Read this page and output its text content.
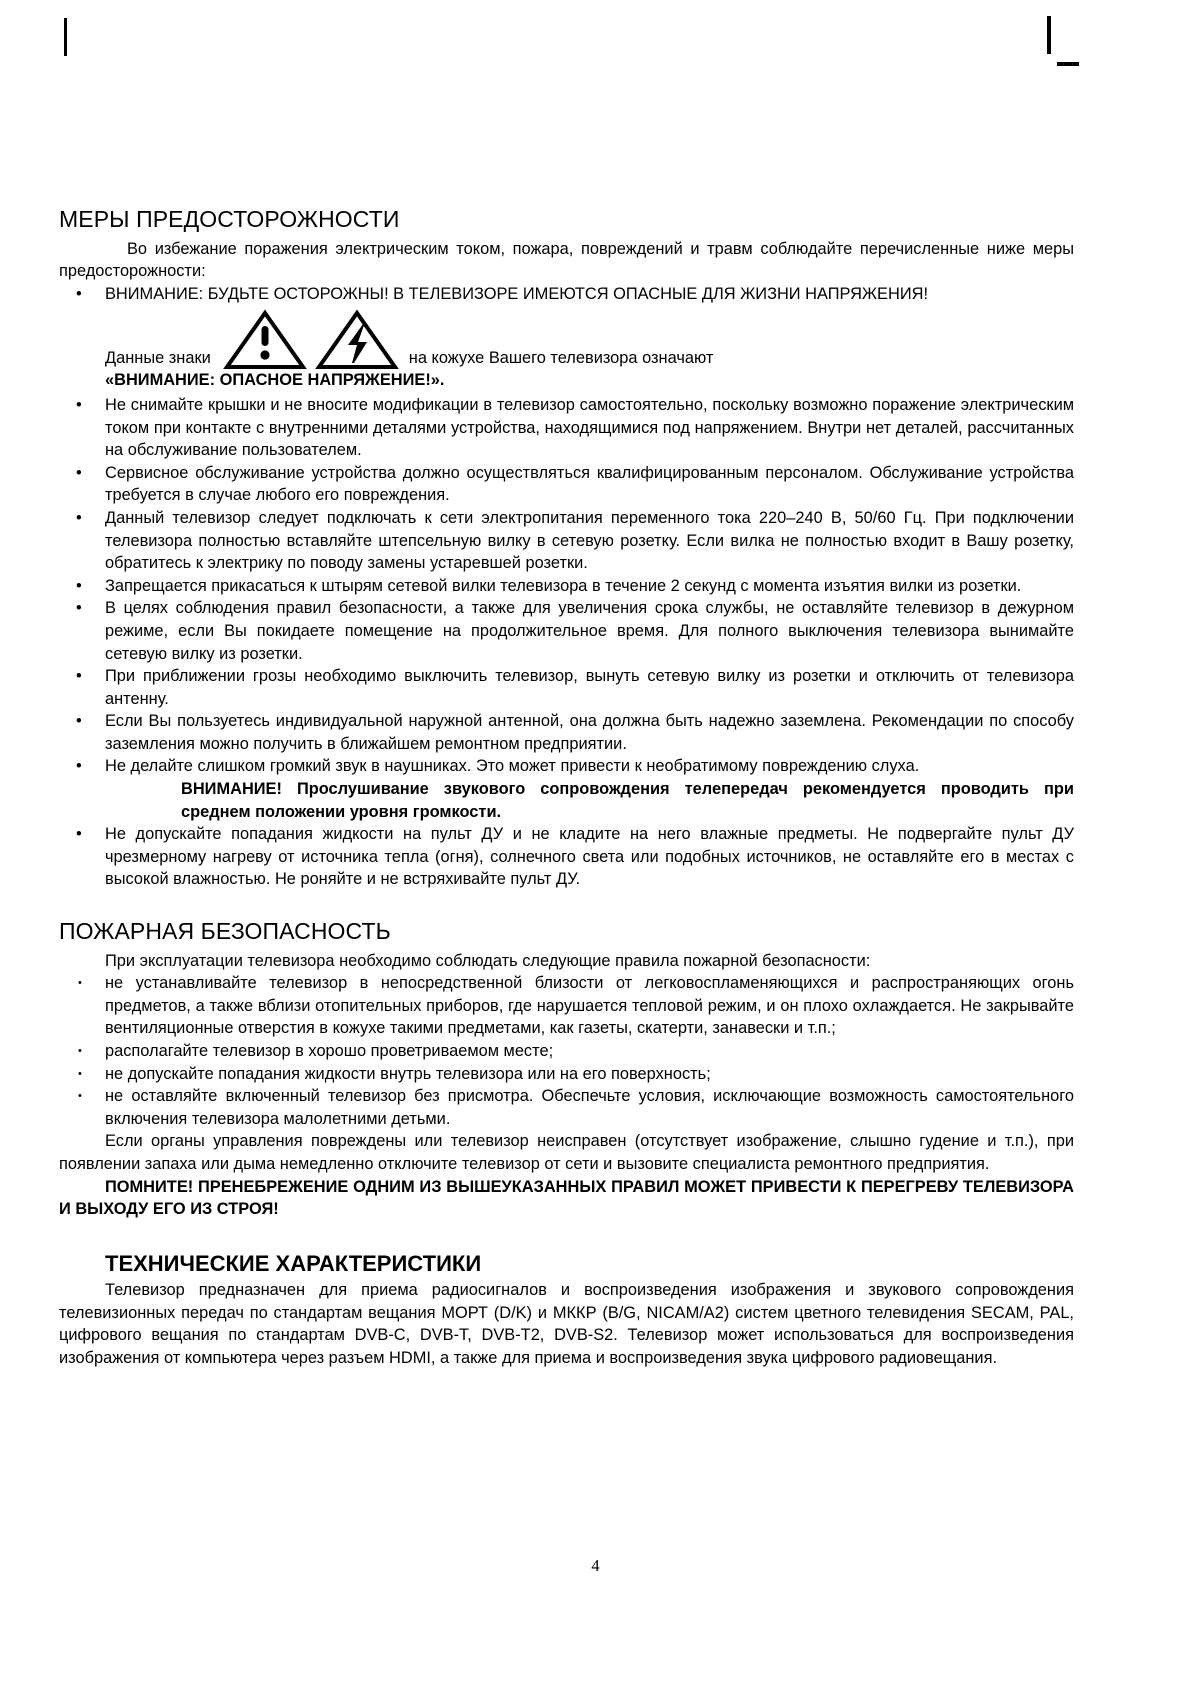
МЕРЫ ПРЕДОСТОРОЖНОСТИ

Во избежание поражения электрическим током, пожара, повреждений и травм соблюдайте перечисленные ниже меры предосторожности:

• ВНИМАНИЕ: БУДЬТЕ ОСТОРОЖНЫ! В ТЕЛЕВИЗОРЕ ИМЕЮТСЯ ОПАСНЫЕ ДЛЯ ЖИЗНИ НАПРЯЖЕНИЯ!
Данные знаки	на кожухе Вашего телевизора означают
«ВНИМАНИЕ: ОПАСНОЕ НАПРЯЖЕНИЕ!».
• Не снимайте крышки и не вносите модификации в телевизор самостоятельно, поскольку возможно поражение электрическим током при контакте с внутренними деталями устройства, находящимися под напряжением. Внутри нет деталей, рассчитанных на обслуживание пользователем.
• Сервисное обслуживание устройства должно осуществляться квалифицированным персоналом. Обслуживание устройства требуется в случае любого его повреждения.
• Данный телевизор следует подключать к сети электропитания переменного тока 220–240 В, 50/60 Гц. При подключении телевизора полностью вставляйте штепсельную вилку в сетевую розетку. Если вилка не полностью входит в Вашу розетку, обратитесь к электрику по поводу замены устаревшей розетки.
• Запрещается прикасаться к штырям сетевой вилки телевизора в течение 2 секунд с момента изъятия вилки из розетки.
• В целях соблюдения правил безопасности, а также для увеличения срока службы, не оставляйте телевизор в дежурном режиме, если Вы покидаете помещение на продолжительное время. Для полного выключения телевизора вынимайте сетевую вилку из розетки.
• При приближении грозы необходимо выключить телевизор, вынуть сетевую вилку из розетки и отключить от телевизора антенну.
• Если Вы пользуетесь индивидуальной наружной антенной, она должна быть надежно заземлена. Рекомендации по способу заземления можно получить в ближайшем ремонтном предприятии.
• Не делайте слишком громкий звук в наушниках. Это может привести к необратимому повреждению слуха.

ВНИМАНИЕ! Прослушивание звукового сопровождения телепередач рекомендуется проводить при среднем положении уровня громкости.

• Не допускайте попадания жидкости на пульт ДУ и не кладите на него влажные предметы. Не подвергайте пульт ДУ чрезмерному нагреву от источника тепла (огня), солнечного света или подобных источников, не оставляйте его в местах с высокой влажностью. Не роняйте и не встряхивайте пульт ДУ.
ПОЖАРНАЯ БЕЗОПАСНОСТЬ

При эксплуатации телевизора необходимо соблюдать следующие правила пожарной безопасности:

• не устанавливайте телевизор в непосредственной близости от легковоспламеняющихся и распространяющих огонь предметов, а также вблизи отопительных приборов, где нарушается тепловой режим, и он плохо охлаждается. Не закрывайте вентиляционные отверстия в кожухе такими предметами, как газеты, скатерти, занавески и т.п.;
• располагайте телевизор в хорошо проветриваемом месте;
• не допускайте попадания жидкости внутрь телевизора или на его поверхность;
• не оставляйте включенный телевизор без присмотра. Обеспечьте условия, исключающие возможность самостоятельного включения телевизора малолетними детьми.

Если органы управления повреждены или телевизор неисправен (отсутствует изображение, слышно гудение и т.п.), при появлении запаха или дыма немедленно отключите телевизор от сети и вызовите специалиста ремонтного предприятия.

ПОМНИТЕ! ПРЕНЕБРЕЖЕНИЕ ОДНИМ ИЗ ВЫШЕУКАЗАННЫХ ПРАВИЛ МОЖЕТ ПРИВЕСТИ К ПЕРЕГРЕВУ ТЕЛЕВИЗОРА И ВЫХОДУ ЕГО ИЗ СТРОЯ!

ТЕХНИЧЕСКИЕ ХАРАКТЕРИСТИКИ

Телевизор предназначен для приема радиосигналов и воспроизведения изображения и звукового сопровождения телевизионных передач по стандартам вещания МОРТ (D/K) и МККР (B/G, NICAM/A2) систем цветного телевидения SECAM, PAL, цифрового вещания по стандартам DVB-C, DVB-T, DVB-T2, DVB-S2. Телевизор может использоваться для воспроизведения изображения от компьютера через разъем HDMI, а также для приема и воспроизведения звука цифрового радиовещания.

4
